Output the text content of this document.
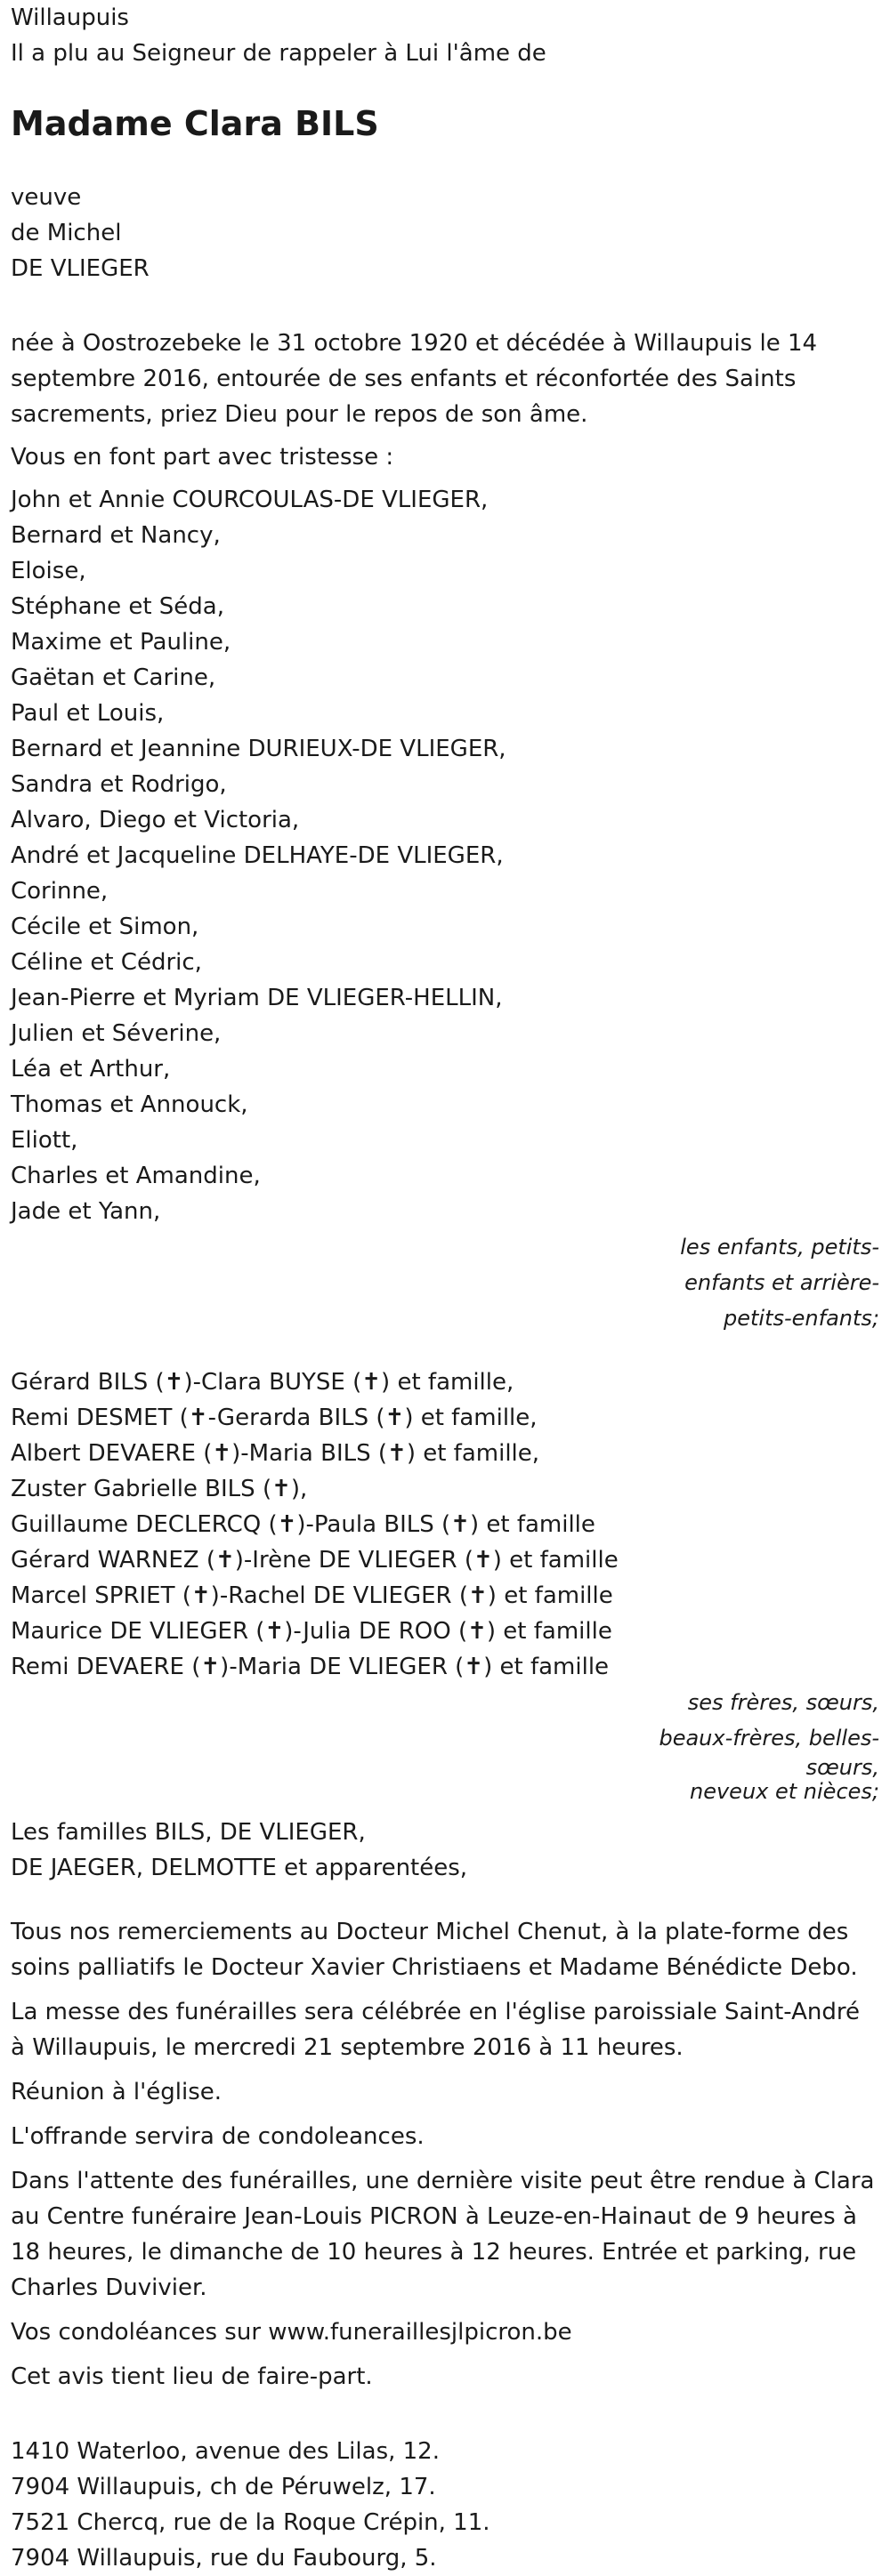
Willaupuis
Il a plu au Seigneur de rappeler à Lui l'âme de
Madame Clara BILS
veuve
de Michel
DE VLIEGER
née à Oostrozebeke le 31 octobre 1920 et décédée à Willaupuis le 14 septembre 2016, entourée de ses enfants et réconfortée des Saints sacrements, priez Dieu pour le repos de son âme.
Vous en font part avec tristesse :
John et Annie COURCOULAS-DE VLIEGER,
Bernard et Nancy,
Eloise,
Stéphane et Séda,
Maxime et Pauline,
Gaëtan et Carine,
Paul et Louis,
Bernard et Jeannine DURIEUX-DE VLIEGER,
Sandra et Rodrigo,
Alvaro, Diego et Victoria,
André et Jacqueline DELHAYE-DE VLIEGER,
Corinne,
Cécile et Simon,
Céline et Cédric,
Jean-Pierre et Myriam DE VLIEGER-HELLIN,
Julien et Séverine,
Léa et Arthur,
Thomas et Annouck,
Eliott,
Charles et Amandine,
Jade et Yann,
les enfants, petits-
enfants et arrière-
petits-enfants;
Gérard BILS (✝)-Clara BUYSE (✝) et famille,
Remi DESMET (✝-Gerarda BILS (✝) et famille,
Albert DEVAERE (✝)-Maria BILS (✝) et famille,
Zuster Gabrielle BILS (✝),
Guillaume DECLERCQ (✝)-Paula BILS (✝) et famille
Gérard WARNEZ (✝)-Irène DE VLIEGER (✝) et famille
Marcel SPRIET (✝)-Rachel DE VLIEGER (✝) et famille
Maurice DE VLIEGER (✝)-Julia DE ROO (✝) et famille
Remi DEVAERE (✝)-Maria DE VLIEGER (✝) et famille
ses frères, sœurs,
beaux-frères, belles-
sœurs,
neveux et nièces;
Les familles BILS, DE VLIEGER,
DE JAEGER, DELMOTTE et apparentées,
Tous nos remerciements au Docteur Michel Chenut, à la plate-forme des soins palliatifs le Docteur Xavier Christiaens et Madame Bénédicte Debo.
La messe des funérailles sera célébrée en l'église paroissiale Saint-André à Willaupuis, le mercredi 21 septembre 2016 à 11 heures.
Réunion à l'église.
L'offrande servira de condoleances.
Dans l'attente des funérailles, une dernière visite peut être rendue à Clara au Centre funéraire Jean-Louis PICRON à Leuze-en-Hainaut de 9 heures à 18 heures, le dimanche de 10 heures à 12 heures. Entrée et parking, rue Charles Duvivier.
Vos condoléances sur www.funeraillesjlpicron.be
Cet avis tient lieu de faire-part.
1410 Waterloo, avenue des Lilas, 12.
7904 Willaupuis, ch de Péruwelz, 17.
7521 Chercq, rue de la Roque Crépin, 11.
7904 Willaupuis, rue du Faubourg, 5.
